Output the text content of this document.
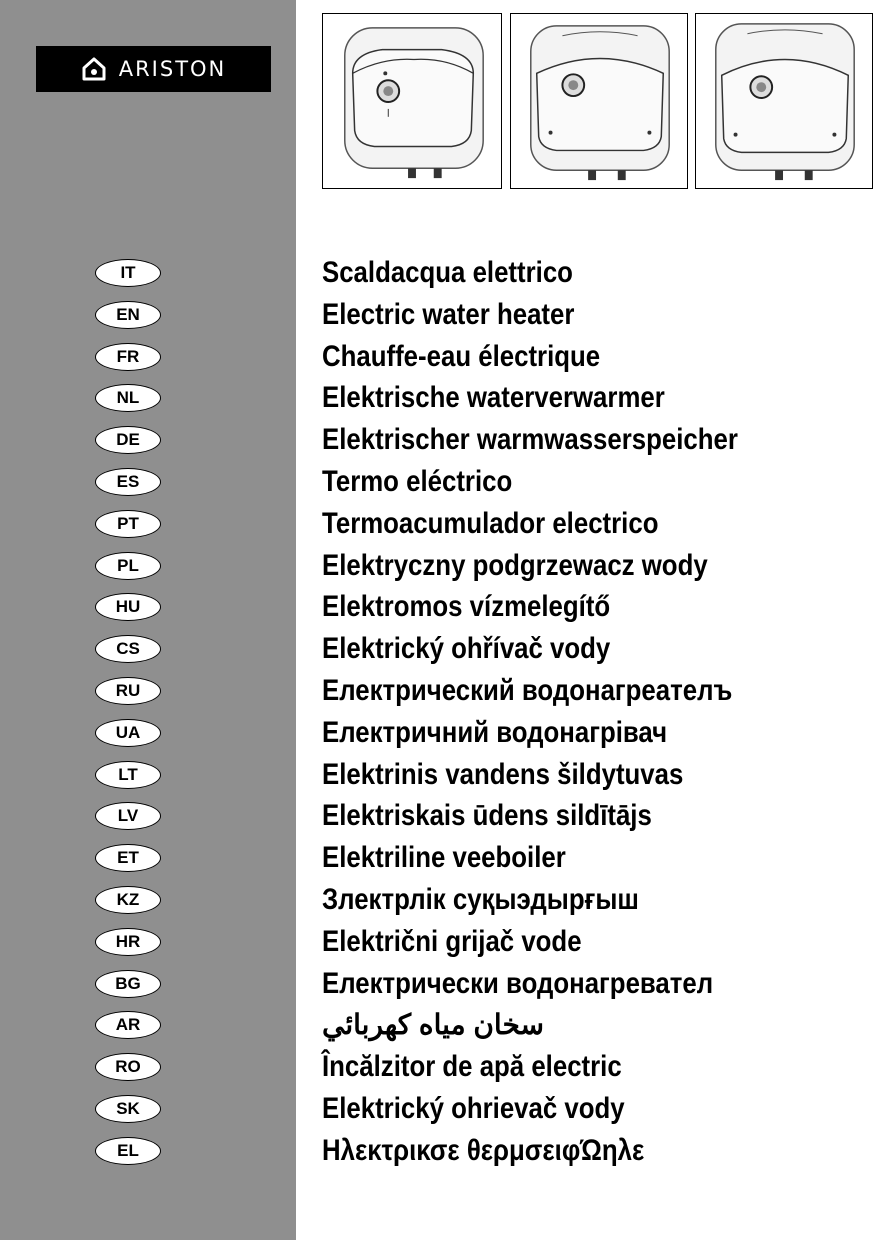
ARISTON
IT
EN
FR
NL
DE
ES
PT
PL
HU
CS
RU
UA
LT
LV
ET
KZ
HR
BG
AR
RO
SK
EL
Scaldacqua elettrico
Electric water heater
Chauffe-eau électrique
Elektrische waterverwarmer
Elektrischer warmwasserspeicher
Termo eléctrico
Termoacumulador electrico
Elektryczny podgrzewacz wody
Elektromos vízmelegítő
Elektrický ohřívač vody
Електрический водонагреателъ
Електричний водонагрівач
Elektrinis vandens šildytuvas
Elektriskais ūdens sildītājs
Elektriline veeboiler
Злектрлік суқыэдырғыш
Električni grijač vode
Електрически водонагреватeл
سخان مياه كهربائي
Încălzitor de apă electric
Elektrický ohrievač vody
Ηλεκτρικσε θερμσειφΏηλε
